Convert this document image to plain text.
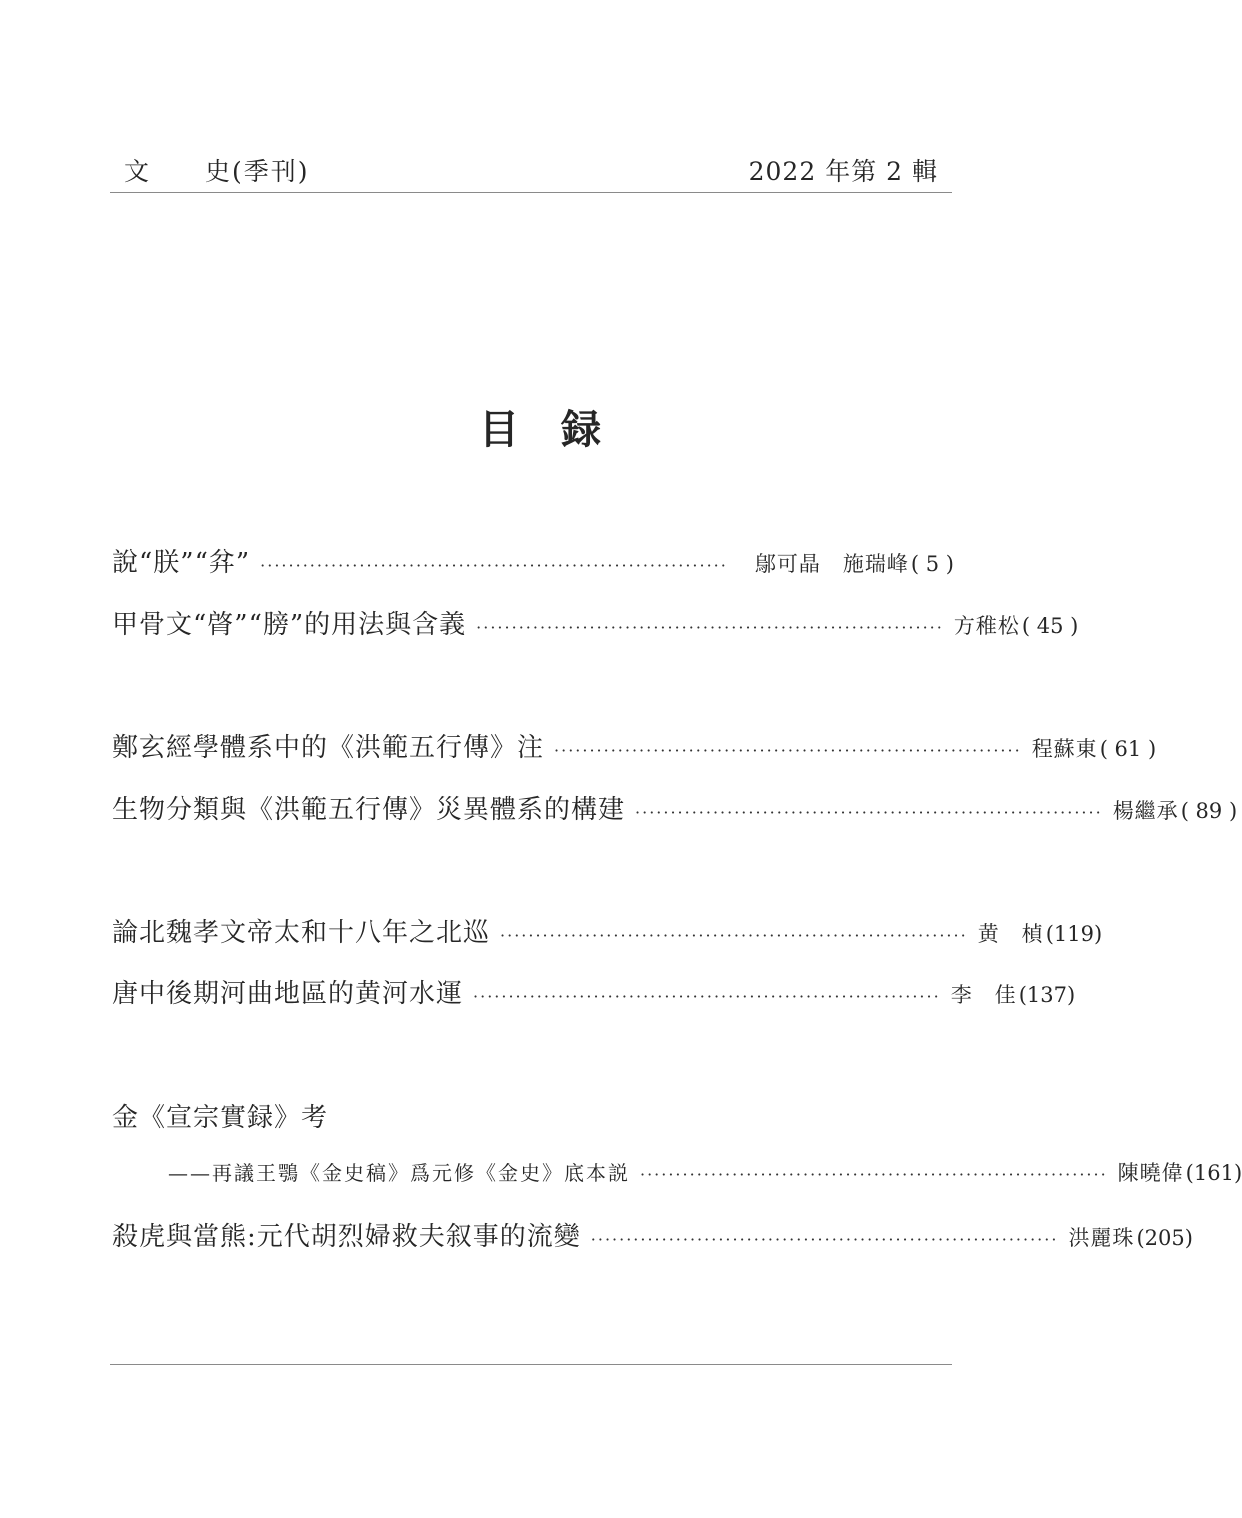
文　　史(季刊)	2022 年第 2 輯
目録
說“朕”“弅” ··································································	鄔可晶　施瑞峰 ( 5 )
甲骨文“䏿”“膀”的用法與含義 ·································································· 方稚松 ( 45 )
鄭玄經學體系中的《洪範五行傳》注 ·································································· 程蘇東 ( 61 )
生物分類與《洪範五行傳》災異體系的構建 ·································································· 楊繼承 ( 89 )
論北魏孝文帝太和十八年之北巡 ·································································· 黄　楨 (119)
唐中後期河曲地區的黄河水運 ·································································· 李　佳 (137)
金《宣宗實録》考
——再議王鶚《金史稿》爲元修《金史》底本説 ·································································· 陳曉偉 (161)
殺虎與當熊:元代胡烈婦救夫叙事的流變 ·································································· 洪麗珠 (205)
